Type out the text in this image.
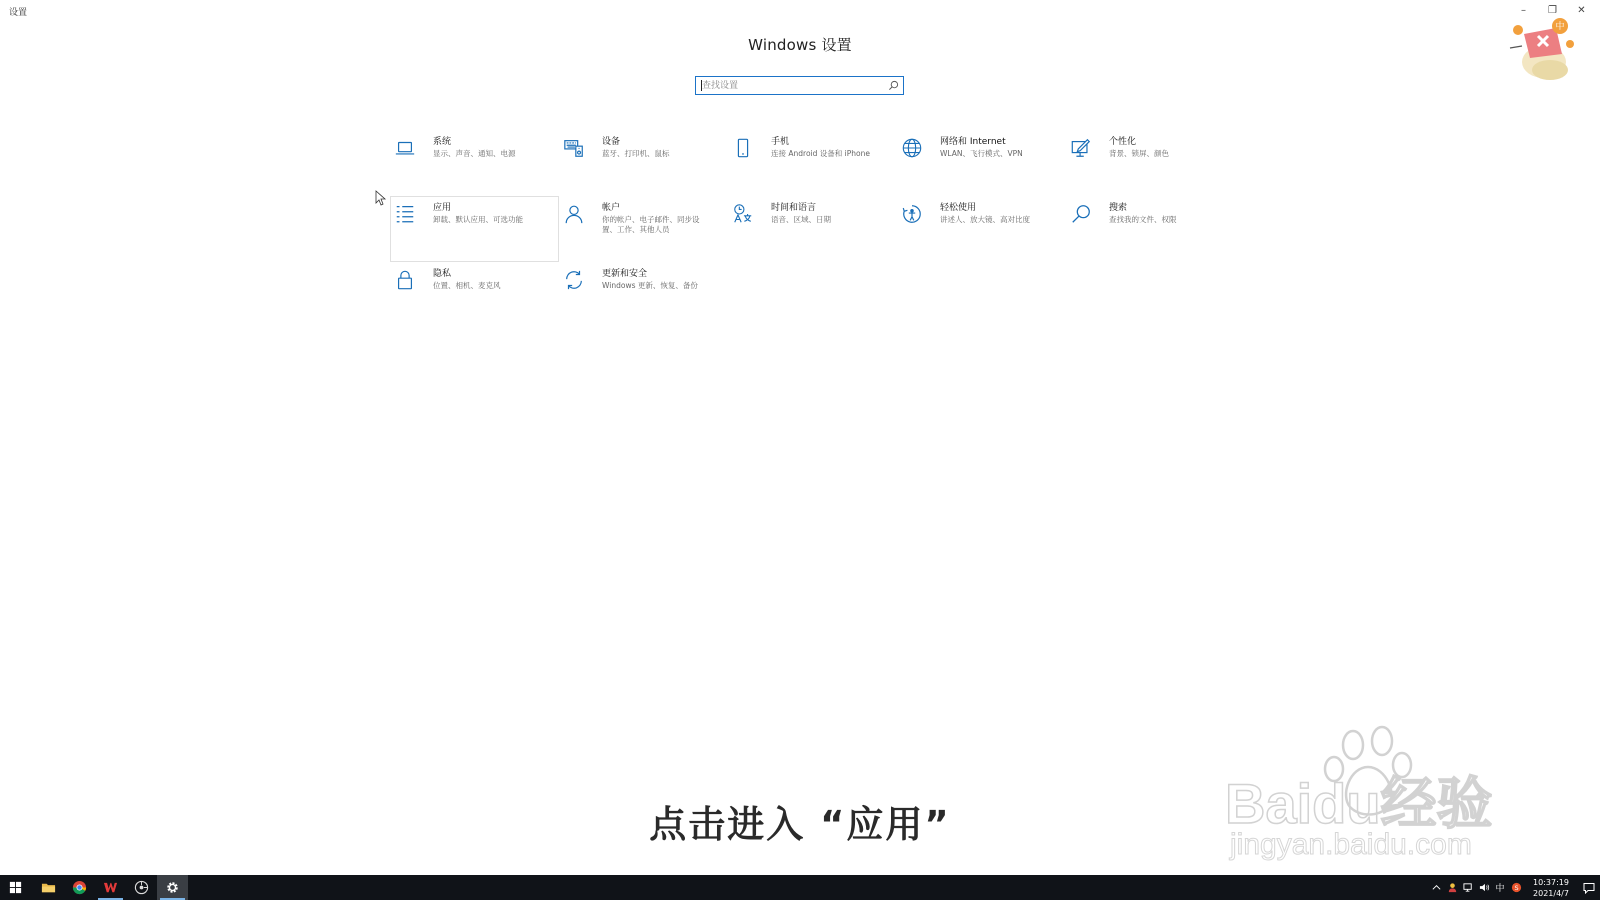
设置	–	❐	✕
Windows 设置
查找设置
系统
显示、声音、通知、电源
设备
蓝牙、打印机、鼠标
手机
连接 Android 设备和 iPhone
网络和 Internet
WLAN、飞行模式、VPN
个性化
背景、锁屏、颜色
应用
卸载、默认应用、可选功能
帐户
你的帐户、电子邮件、同步设置、工作、其他人员
时间和语言
语音、区域、日期
轻松使用
讲述人、放大镜、高对比度
搜索
查找我的文件、权限
隐私
位置、相机、麦克风
更新和安全
Windows 更新、恢复、备份
中
Baidu经验
jingyan.baidu.com
点击进入 “应用”
中	S
10:37:19
2021/4/7
